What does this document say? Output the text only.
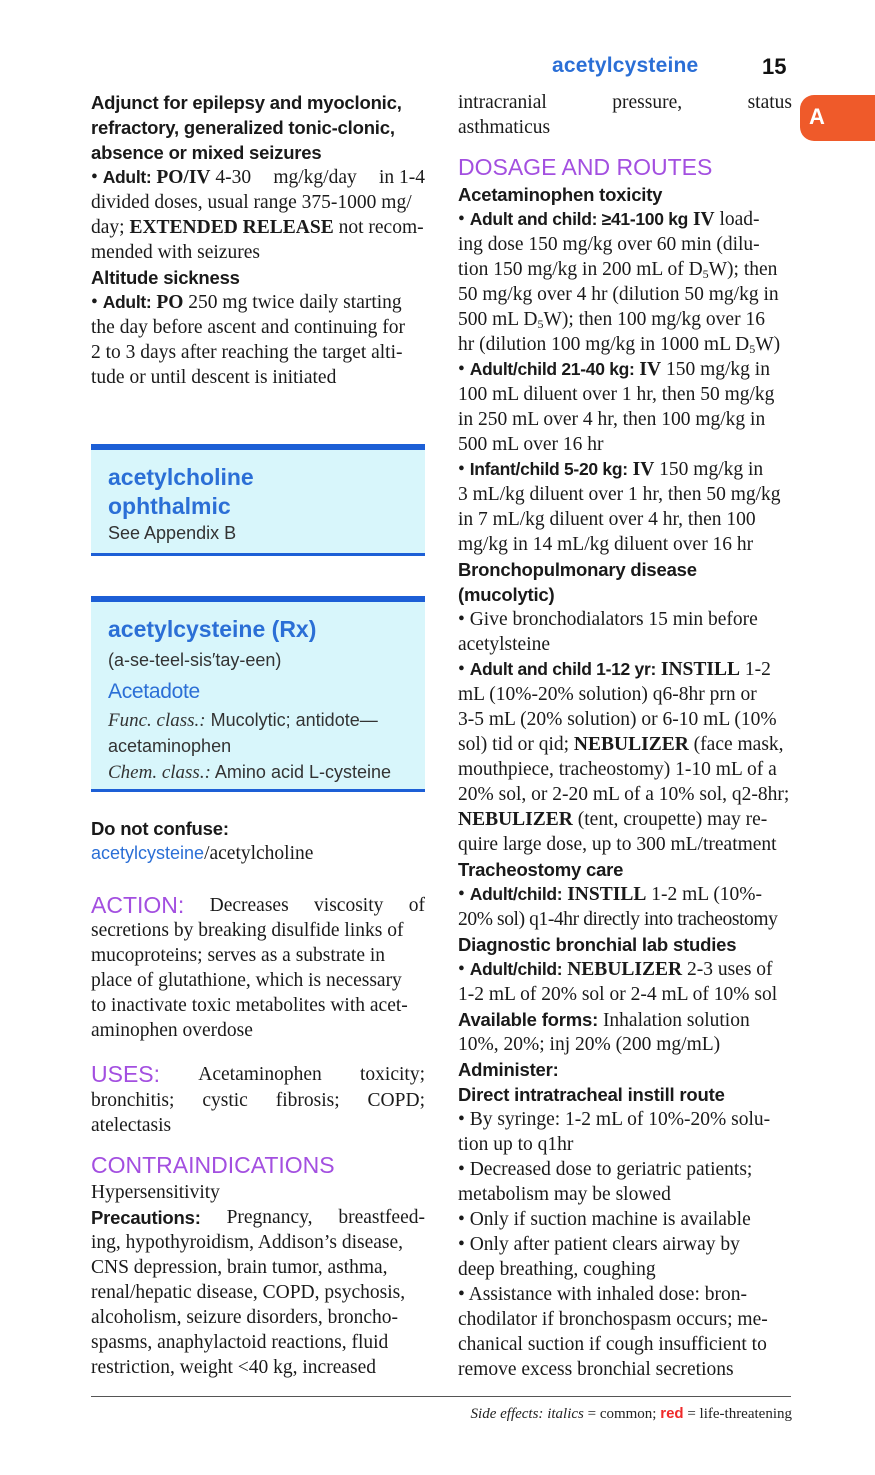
acetylcysteine	15
A
Adjunct for epilepsy and myoclonic,
refractory, generalized tonic-clonic,
absence or mixed seizures
• Adult: PO/IV 4-30 mg/kg/day in 1-4
divided doses, usual range 375-1000 mg/
day; EXTENDED RELEASE not recom-
mended with seizures
Altitude sickness
• Adult: PO 250 mg twice daily starting
the day before ascent and continuing for
2 to 3 days after reaching the target alti-
tude or until descent is initiated
acetylcholine
ophthalmic
See Appendix B
acetylcysteine (Rx)
(a-se-teel-sis′tay-een)
Acetadote
Func. class.: Mucolytic; antidote—
acetaminophen
Chem. class.: Amino acid L-cysteine
Do not confuse:
acetylcysteine/acetylcholine
ACTION: Decreases viscosity of
secretions by breaking disulfide links of
mucoproteins; serves as a substrate in
place of glutathione, which is necessary
to inactivate toxic metabolites with acet-
aminophen overdose
USES: Acetaminophen toxicity;
bronchitis; cystic fibrosis; COPD;
atelectasis
CONTRAINDICATIONS
Hypersensitivity
Precautions: Pregnancy, breastfeed-
ing, hypothyroidism, Addison’s disease,
CNS depression, brain tumor, asthma,
renal/hepatic disease, COPD, psychosis,
alcoholism, seizure disorders, broncho-
spasms, anaphylactoid reactions, fluid
restriction, weight <40 kg, increased
intracranial	pressure,	status
asthmaticus
DOSAGE AND ROUTES
Acetaminophen toxicity
• Adult and child: ≥41-100 kg IV load-
ing dose 150 mg/kg over 60 min (dilu-
tion 150 mg/kg in 200 mL of $D_5W$); then
50 mg/kg over 4 hr (dilution 50 mg/kg in
500 mL $D_5W$); then 100 mg/kg over 16
hr (dilution 100 mg/kg in 1000 mL $D_5W$)
• Adult/child 21-40 kg: IV 150 mg/kg in
100 mL diluent over 1 hr, then 50 mg/kg
in 250 mL over 4 hr, then 100 mg/kg in
500 mL over 16 hr
• Infant/child 5-20 kg: IV 150 mg/kg in
3 mL/kg diluent over 1 hr, then 50 mg/kg
in 7 mL/kg diluent over 4 hr, then 100
mg/kg in 14 mL/kg diluent over 16 hr
Bronchopulmonary disease
(mucolytic)
• Give bronchodialators 15 min before
acetylsteine
• Adult and child 1-12 yr: INSTILL 1-2
mL (10%-20% solution) q6-8hr prn or
3-5 mL (20% solution) or 6-10 mL (10%
sol) tid or qid; NEBULIZER (face mask,
mouthpiece, tracheostomy) 1-10 mL of a
20% sol, or 2-20 mL of a 10% sol, q2-8hr;
NEBULIZER (tent, croupette) may re-
quire large dose, up to 300 mL/treatment
Tracheostomy care
• Adult/child: INSTILL 1-2 mL (10%-
20% sol) q1-4hr directly into tracheostomy
Diagnostic bronchial lab studies
• Adult/child: NEBULIZER 2-3 uses of
1-2 mL of 20% sol or 2-4 mL of 10% sol
Available forms: Inhalation solution
10%, 20%; inj 20% (200 mg/mL)
Administer:
Direct intratracheal instill route
• By syringe: 1-2 mL of 10%-20% solu-
tion up to q1hr
• Decreased dose to geriatric patients;
metabolism may be slowed
• Only if suction machine is available
• Only after patient clears airway by
deep breathing, coughing
• Assistance with inhaled dose: bron-
chodilator if bronchospasm occurs; me-
chanical suction if cough insufficient to
remove excess bronchial secretions
Side effects: italics = common; red = life-threatening
